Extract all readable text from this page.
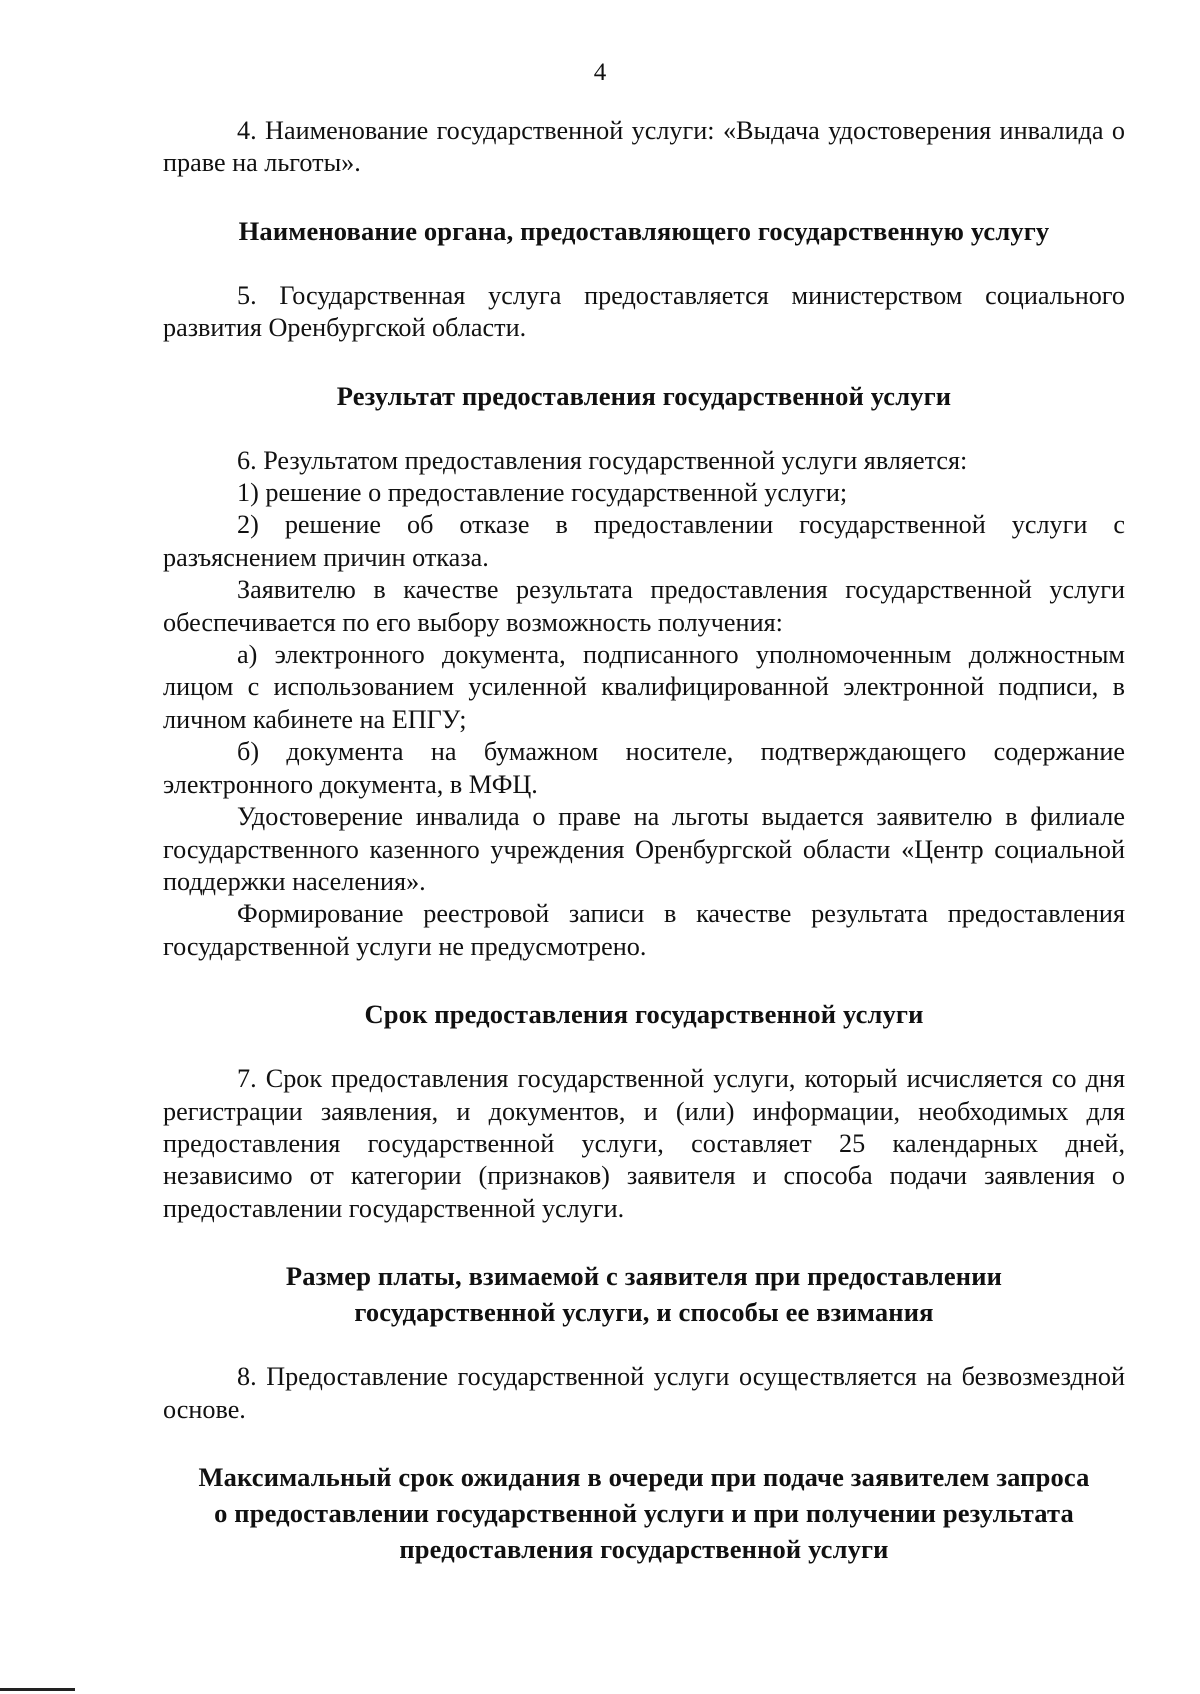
4

4. Наименование государственной услуги: «Выдача удостоверения инвалида о праве на льготы».

Наименование органа, предоставляющего государственную услугу

5. Государственная услуга предоставляется министерством социального развития Оренбургской области.

Результат предоставления государственной услуги

6. Результатом предоставления государственной услуги является:

1) решение о предоставление государственной услуги;

2) решение об отказе в предоставлении государственной услуги с разъяснением причин отказа.

Заявителю в качестве результата предоставления государственной услуги обеспечивается по его выбору возможность получения:

а) электронного документа, подписанного уполномоченным должностным лицом с использованием усиленной квалифицированной электронной подписи, в личном кабинете на ЕПГУ;

б) документа на бумажном носителе, подтверждающего содержание электронного документа, в МФЦ.

Удостоверение инвалида о праве на льготы выдается заявителю в филиале государственного казенного учреждения Оренбургской области «Центр социальной поддержки населения».

Формирование реестровой записи в качестве результата предоставления государственной услуги не предусмотрено.

Срок предоставления государственной услуги

7. Срок предоставления государственной услуги, который исчисляется со дня регистрации заявления, и документов, и (или) информации, необходимых для предоставления государственной услуги, составляет 25 календарных дней, независимо от категории (признаков) заявителя и способа подачи заявления о предоставлении государственной услуги.

Размер платы, взимаемой с заявителя при предоставлении

государственной услуги, и способы ее взимания

8. Предоставление государственной услуги осуществляется на безвозмездной основе.

Максимальный срок ожидания в очереди при подаче заявителем запроса

о предоставлении государственной услуги и при получении результата

предоставления государственной услуги
